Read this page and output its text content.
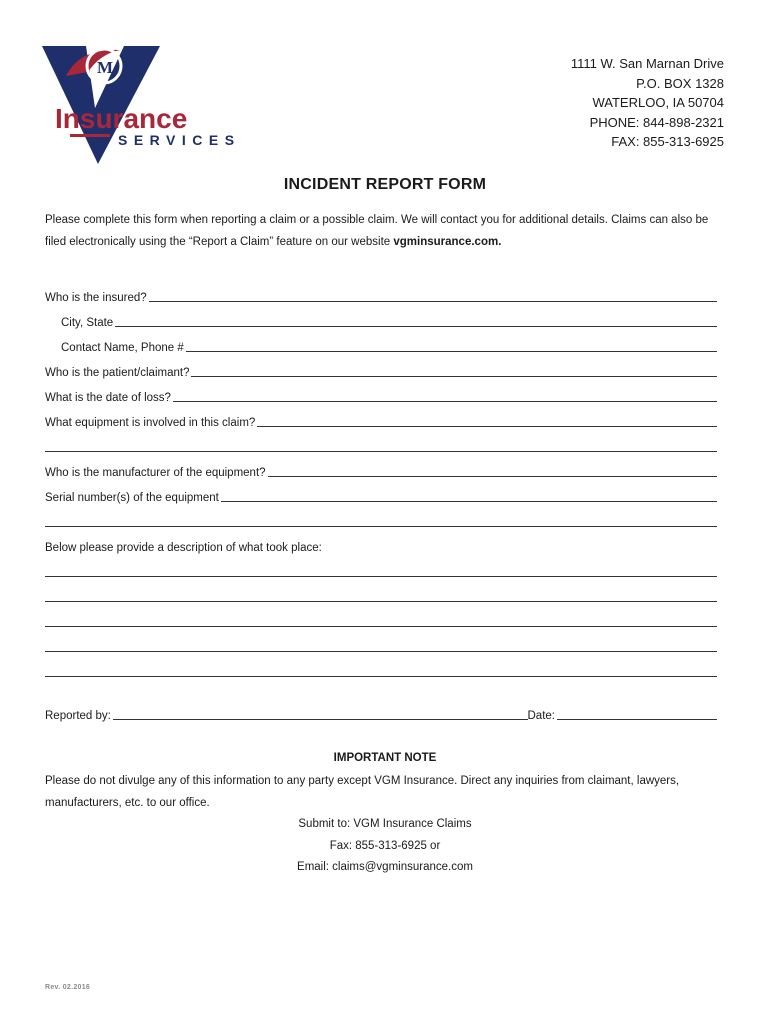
M
Insurance
SERVICES
1111 W. San Marnan Drive
P.O. BOX 1328
WATERLOO, IA 50704
PHONE: 844-898-2321
FAX: 855-313-6925
INCIDENT REPORT FORM
Please complete this form when reporting a claim or a possible claim. We will contact you for additional details. Claims can also be filed electronically using the “Report a Claim” feature on our website vgminsurance.com.
Who is the insured?
City, State
Contact Name, Phone #
Who is the patient/claimant?
What is the date of loss?
What equipment is involved in this claim?
Who is the manufacturer of the equipment?
Serial number(s) of the equipment
Below please provide a description of what took place:
Reported by:	Date:
IMPORTANT NOTE
Please do not divulge any of this information to any party except VGM Insurance. Direct any inquiries from claimant, lawyers, manufacturers, etc. to our office.
Submit to: VGM Insurance Claims
Fax: 855-313-6925 or
Email: claims@vgminsurance.com
Rev. 02.2016
